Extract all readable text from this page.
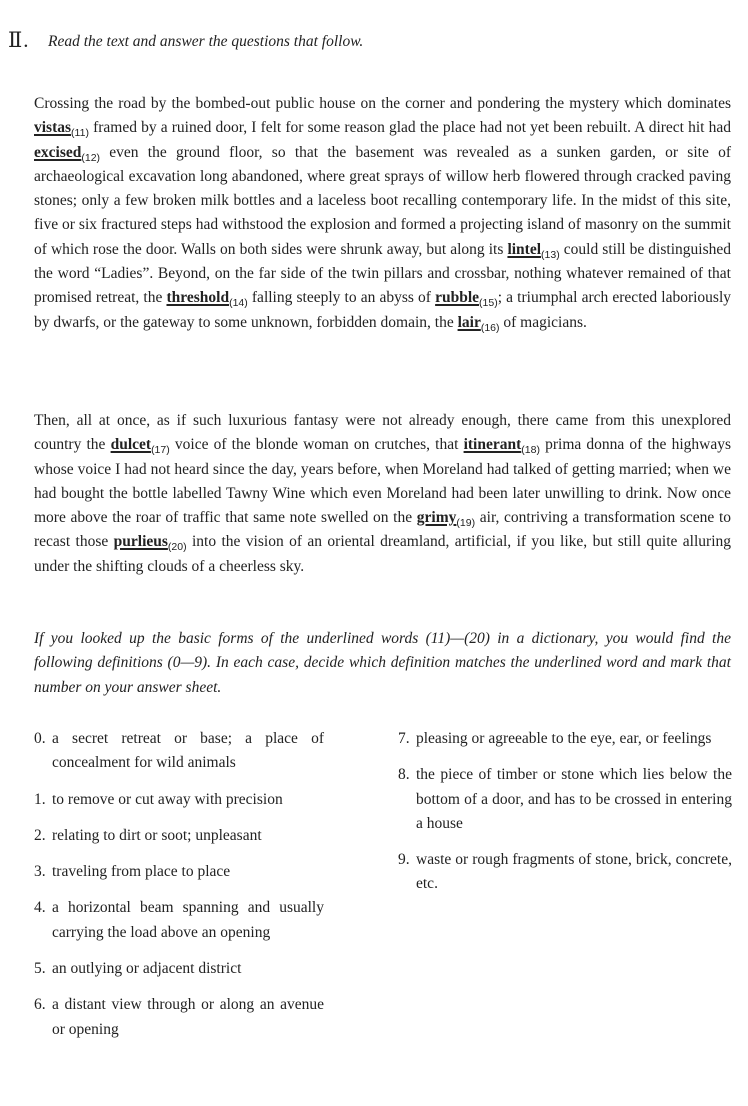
Ⅱ. Read the text and answer the questions that follow.

Crossing the road by the bombed-out public house on the corner and pondering the mystery which dominates vistas$_{(11)}$ framed by a ruined door, I felt for some reason glad the place had not yet been rebuilt. A direct hit had excised$_{(12)}$ even the ground floor, so that the basement was revealed as a sunken garden, or site of archaeological excavation long abandoned, where great sprays of willow herb flowered through cracked paving stones; only a few broken milk bottles and a laceless boot recalling contemporary life. In the midst of this site, five or six fractured steps had withstood the explosion and formed a projecting island of masonry on the summit of which rose the door. Walls on both sides were shrunk away, but along its lintel$_{(13)}$ could still be distinguished the word “Ladies”. Beyond, on the far side of the twin pillars and crossbar, nothing whatever remained of that promised retreat, the threshold$_{(14)}$ falling steeply to an abyss of rubble$_{(15)}$; a triumphal arch erected laboriously by dwarfs, or the gateway to some unknown, forbidden domain, the lair$_{(16)}$ of magicians.

Then, all at once, as if such luxurious fantasy were not already enough, there came from this unexplored country the dulcet$_{(17)}$ voice of the blonde woman on crutches, that itinerant$_{(18)}$ prima donna of the highways whose voice I had not heard since the day, years before, when Moreland had talked of getting married; when we had bought the bottle labelled Tawny Wine which even Moreland had been later unwilling to drink. Now once more above the roar of traffic that same note swelled on the grimy$_{(19)}$ air, contriving a transformation scene to recast those purlieus$_{(20)}$ into the vision of an oriental dreamland, artificial, if you like, but still quite alluring under the shifting clouds of a cheerless sky.

If you looked up the basic forms of the underlined words (11)—(20) in a dictionary, you would find the following definitions (0—9). In each case, decide which definition matches the underlined word and mark that number on your answer sheet.

0. a secret retreat or base; a place of concealment for wild animals
1. to remove or cut away with precision
2. relating to dirt or soot; unpleasant
3. traveling from place to place
4. a horizontal beam spanning and usually carrying the load above an opening
5. an outlying or adjacent district
6. a distant view through or along an avenue or opening
7. pleasing or agreeable to the eye, ear, or feelings
8. the piece of timber or stone which lies below the bottom of a door, and has to be crossed in entering a house
9. waste or rough fragments of stone, brick, concrete, etc.
